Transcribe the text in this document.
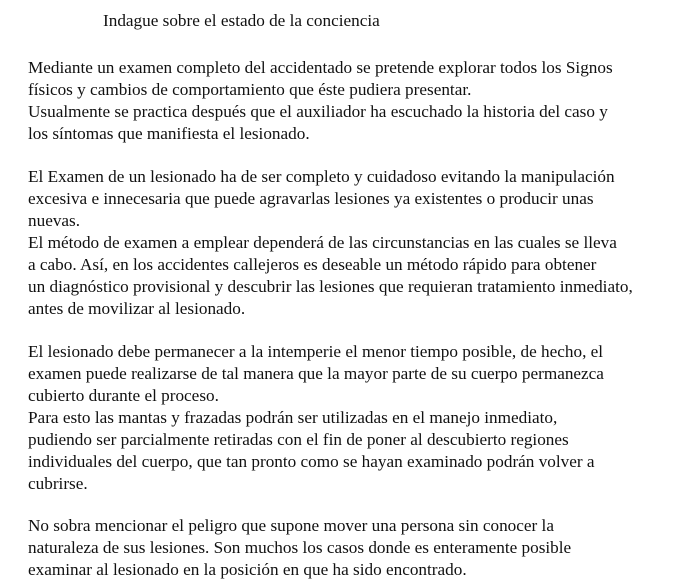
Indague sobre el estado de la conciencia
Mediante un examen completo del accidentado se pretende explorar todos los Signos
físicos y cambios de comportamiento que éste pudiera presentar.
Usualmente se practica después que el auxiliador ha escuchado la historia del caso y
los síntomas que manifiesta el lesionado.
El Examen de un lesionado ha de ser completo y cuidadoso evitando la manipulación
excesiva e innecesaria que puede agravarlas lesiones ya existentes o producir unas
nuevas.
El método de examen a emplear dependerá de las circunstancias en las cuales se lleva
a cabo. Así, en los accidentes callejeros es deseable un método rápido para obtener
un diagnóstico provisional y descubrir las lesiones que requieran tratamiento inmediato,
antes de movilizar al lesionado.
El lesionado debe permanecer a la intemperie el menor tiempo posible, de hecho, el
examen puede realizarse de tal manera que la mayor parte de su cuerpo permanezca
cubierto durante el proceso.
Para esto las mantas y frazadas podrán ser utilizadas en el manejo inmediato,
pudiendo ser parcialmente retiradas con el fin de poner al descubierto regiones
individuales del cuerpo, que tan pronto como se hayan examinado podrán volver a
cubrirse.
No sobra mencionar el peligro que supone mover una persona sin conocer la
naturaleza de sus lesiones. Son muchos los casos donde es enteramente posible
examinar al lesionado en la posición en que ha sido encontrado.
